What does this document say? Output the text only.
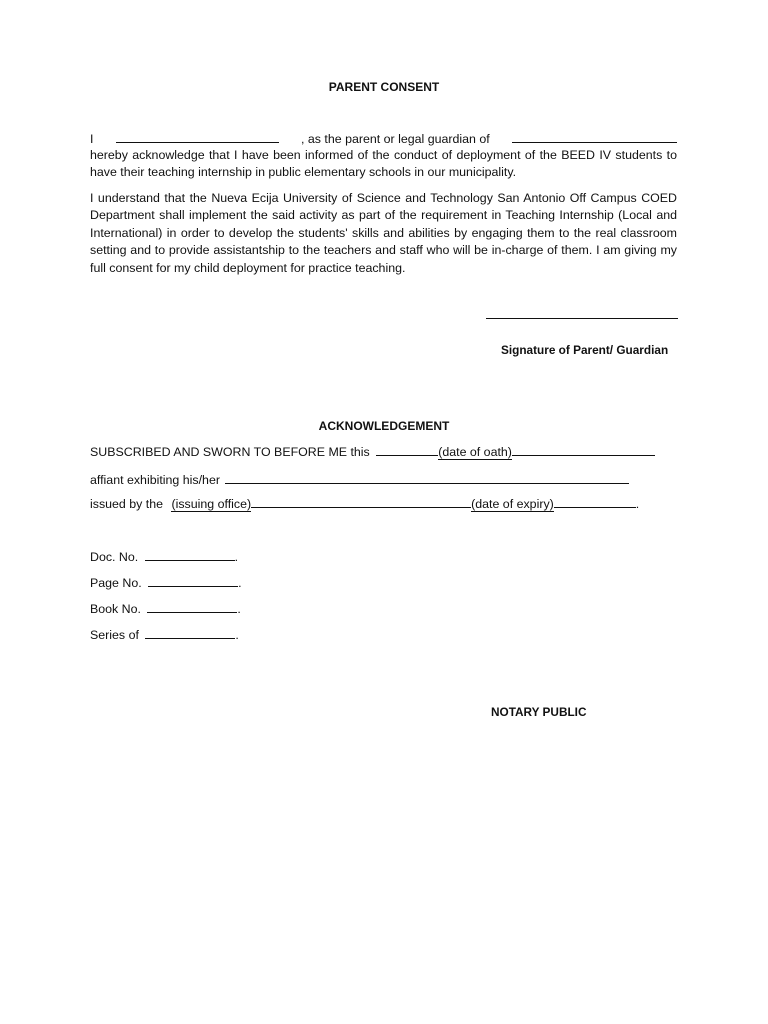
PARENT CONSENT
I	, as the parent or legal guardian of
hereby acknowledge that I have been informed of the conduct of deployment of the BEED IV students to have their teaching internship in public elementary schools in our municipality.
I understand that the Nueva Ecija University of Science and Technology San Antonio Off Campus COED Department shall implement the said activity as part of the requirement in Teaching Internship (Local and International) in order to develop the students' skills and abilities by engaging them to the real classroom setting and to provide assistantship to the teachers and staff who will be in-charge of them. I am giving my full consent for my child deployment for practice teaching.
Signature of Parent/ Guardian
ACKNOWLEDGEMENT
SUBSCRIBED AND SWORN TO BEFORE ME this	(date of oath)
affiant exhibiting his/her
issued by the (issuing office)	(date of expiry)	.
Doc. No.	.
Page No.	.
Book No.	.
Series of	.
NOTARY PUBLIC
